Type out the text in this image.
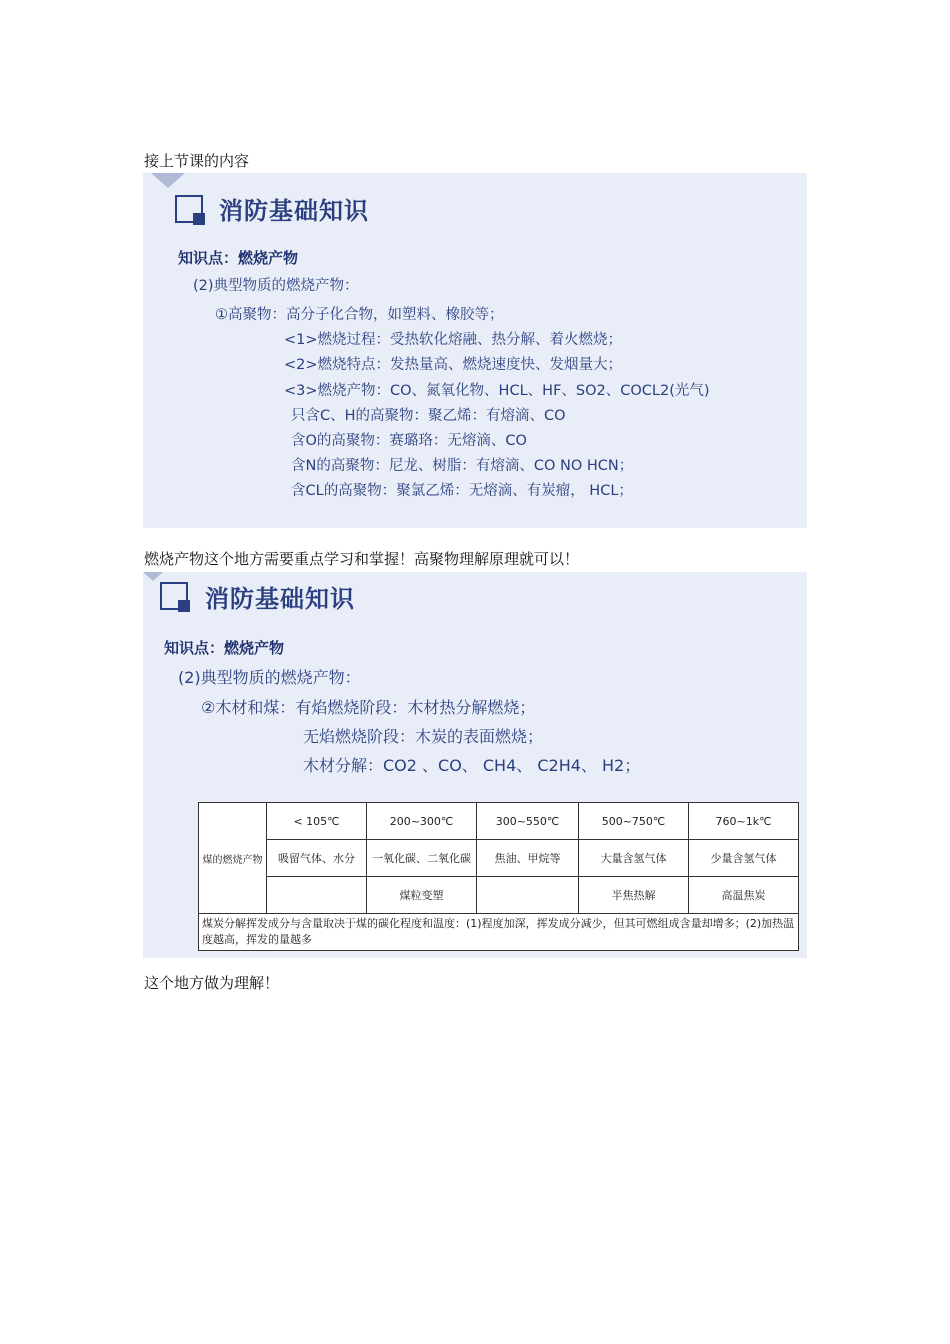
接上节课的内容
消防基础知识
知识点：燃烧产物
(2)典型物质的燃烧产物：
①高聚物：高分子化合物，如塑料、橡胶等；
<1>燃烧过程：受热软化熔融、热分解、着火燃烧；
<2>燃烧特点：发热量高、燃烧速度快、发烟量大；
<3>燃烧产物：CO、氮氧化物、HCL、HF、SO2、COCL2(光气)
只含C、H的高聚物：聚乙烯：有熔滴、CO
含O的高聚物：赛璐珞：无熔滴、CO
含N的高聚物：尼龙、树脂：有熔滴、CO NO HCN；
含CL的高聚物：聚氯乙烯：无熔滴、有炭瘤， HCL；
燃烧产物这个地方需要重点学习和掌握！高聚物理解原理就可以！
消防基础知识
知识点：燃烧产物
(2)典型物质的燃烧产物：
②木材和煤：有焰燃烧阶段：木材热分解燃烧；
无焰燃烧阶段：木炭的表面燃烧；
木材分解：CO2 、CO、 CH4、 C2H4、 H2；
煤的燃烧产物	< 105℃	200~300℃	300~550℃	500~750℃	760~1k℃
	吸留气体、水分	一氧化碳、二氧化碳	焦油、甲烷等	大量含氢气体	少量含氢气体
		煤粒变塑		半焦热解	高温焦炭
煤炭分解挥发成分与含量取决于煤的碳化程度和温度：(1)程度加深，挥发成分减少，但其可燃组成含量却增多；(2)加热温度越高，挥发的量越多					
这个地方做为理解！
